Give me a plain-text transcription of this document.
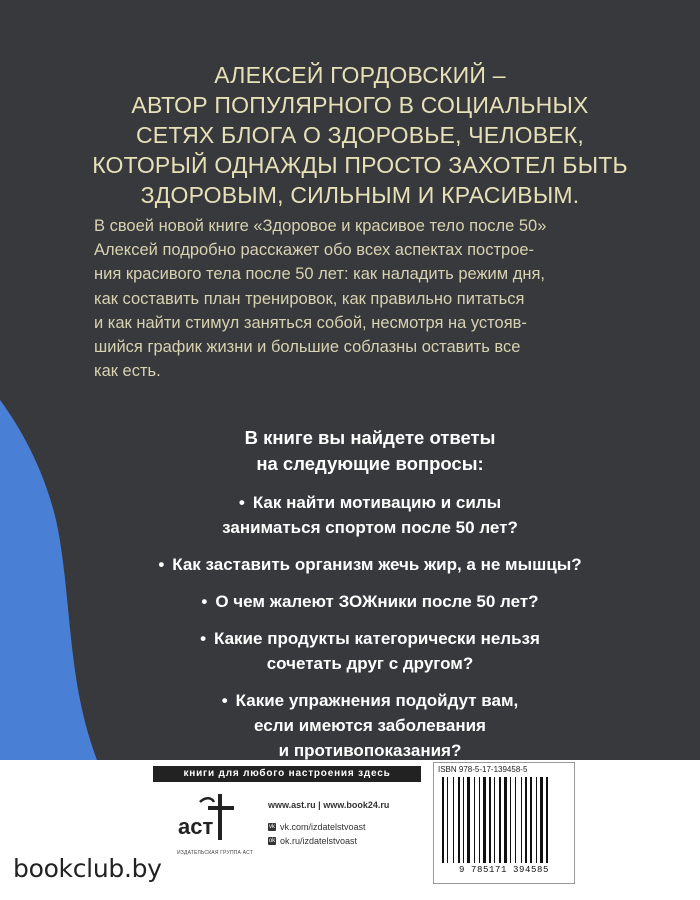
АЛЕКСЕЙ ГОРДОВСКИЙ –

АВТОР ПОПУЛЯРНОГО В СОЦИАЛЬНЫХ

СЕТЯХ БЛОГА О ЗДОРОВЬЕ, ЧЕЛОВЕК,

КОТОРЫЙ ОДНАЖДЫ ПРОСТО ЗАХОТЕЛ БЫТЬ

ЗДОРОВЫМ, СИЛЬНЫМ И КРАСИВЫМ.

В своей новой книге «Здоровое и красивое тело после 50»

Алексей подробно расскажет обо всех аспектах построе-

ния красивого тела после 50 лет: как наладить режим дня,

как составить план тренировок, как правильно питаться

и как найти стимул заняться собой, несмотря на устояв-

шийся график жизни и большие соблазны оставить все

как есть.

В книге вы найдете ответы

на следующие вопросы:

• Как найти мотивацию и силы

заниматься спортом после 50 лет?

• Как заставить организм жечь жир, а не мышцы?

• О чем жалеют ЗОЖники после 50 лет?

• Какие продукты категорически нельзя

сочетать друг с другом?

• Какие упражнения подойдут вам,

если имеются заболевания

и противопоказания?

книги для любого настроения здесь
аст
ИЗДАТЕЛЬСКАЯ ГРУППА АСТ
www.ast.ru | www.book24.ru
vk vk.com/izdatelstvoast
ok ok.ru/izdatelstvoast
ISBN 978-5-17-139458-5
9 785171 394585
bookclub.by
